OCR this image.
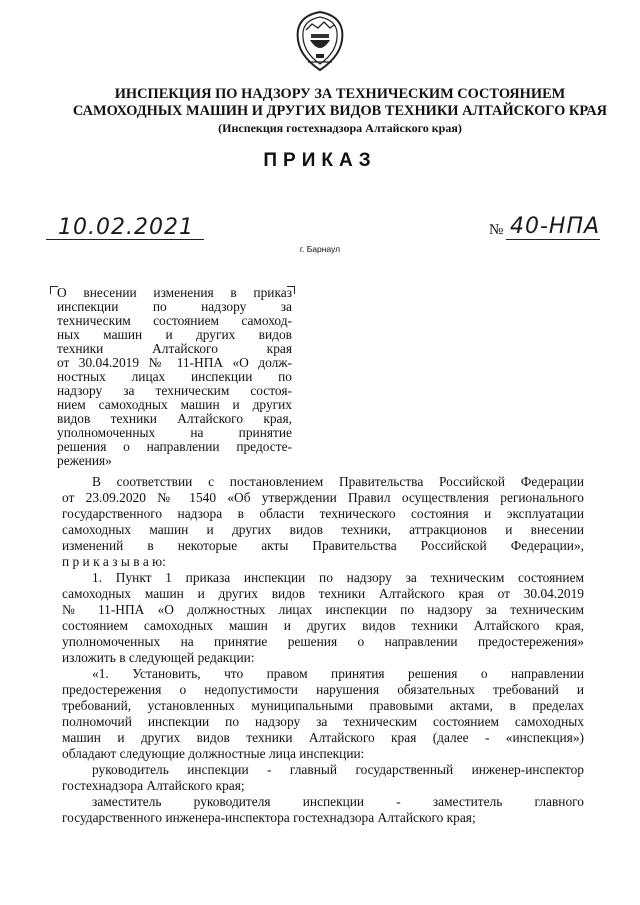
ИНСПЕКЦИЯ ПО НАДЗОРУ ЗА ТЕХНИЧЕСКИМ СОСТОЯНИЕМ
САМОХОДНЫХ МАШИН И ДРУГИХ ВИДОВ ТЕХНИКИ АЛТАЙСКОГО КРАЯ
(Инспекция гостехнадзора Алтайского края)
ПРИКАЗ
10.02.2021	№ 40-НПА
г. Барнаул
О внесении изменения в приказ
инспекции по надзору за
техническим состоянием самоход-
ных машин и других видов
техники Алтайского края
от 30.04.2019 № 11-НПА «О долж-
ностных лицах инспекции по
надзору за техническим состоя-
нием самоходных машин и других
видов техники Алтайского края,
уполномоченных на принятие
решения о направлении предосте-
режения»
В соответствии с постановлением Правительства Российской Федерации
от 23.09.2020 № 1540 «Об утверждении Правил осуществления регионального
государственного надзора в области технического состояния и эксплуатации
самоходных машин и других видов техники, аттракционов и внесении
изменений в некоторые акты Правительства Российской Федерации»,
п р и к а з ы в а ю:
1. Пункт 1 приказа инспекции по надзору за техническим состоянием
самоходных машин и других видов техники Алтайского края от 30.04.2019
№ 11-НПА «О должностных лицах инспекции по надзору за техническим
состоянием самоходных машин и других видов техники Алтайского края,
уполномоченных на принятие решения о направлении предостережения»
изложить в следующей редакции:
«1. Установить, что правом принятия решения о направлении
предостережения о недопустимости нарушения обязательных требований и
требований, установленных муниципальными правовыми актами, в пределах
полномочий инспекции по надзору за техническим состоянием самоходных
машин и других видов техники Алтайского края (далее - «инспекция»)
обладают следующие должностные лица инспекции:
руководитель инспекции - главный государственный инженер-инспектор
гостехнадзора Алтайского края;
заместитель руководителя инспекции - заместитель главного
государственного инженера-инспектора гостехнадзора Алтайского края;
